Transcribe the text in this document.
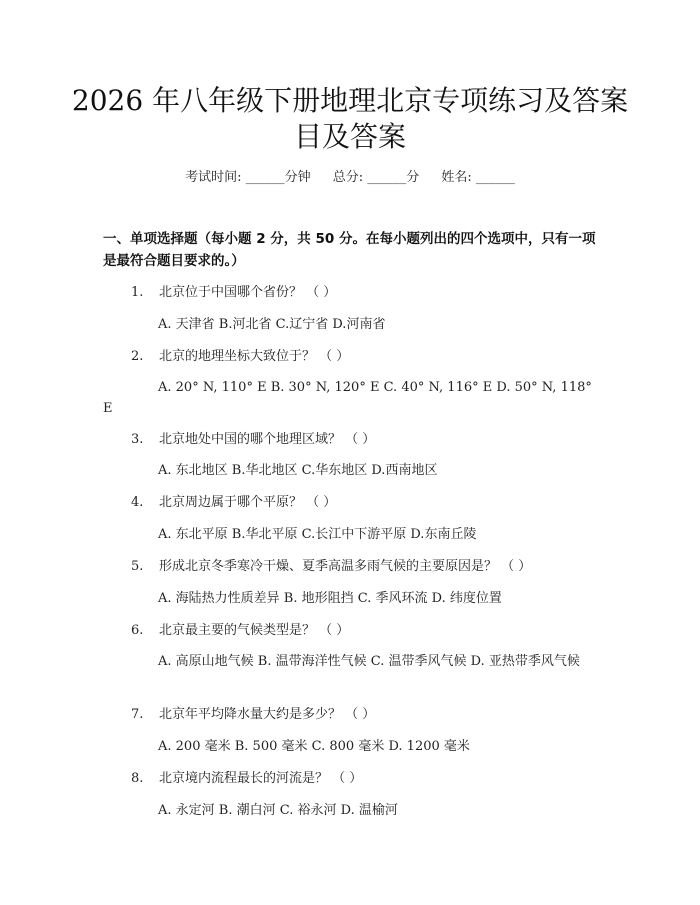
2026 年八年级下册地理北京专项练习及答案
目及答案
考试时间: ______分钟 总分: ______分 姓名: ______
一、单项选择题（每小题 2 分，共 50 分。在每小题列出的四个选项中，只有一项是最符合题目要求的。）
1. 北京位于中国哪个省份？ （ ）
A. 天津省 B.河北省 C.辽宁省 D.河南省
2. 北京的地理坐标大致位于？ （ ）
A. 20° N, 110° E B. 30° N, 120° E C. 40° N, 116° E D. 50° N, 118° E
3. 北京地处中国的哪个地理区域？ （ ）
A. 东北地区 B.华北地区 C.华东地区 D.西南地区
4. 北京周边属于哪个平原？ （ ）
A. 东北平原 B.华北平原 C.长江中下游平原 D.东南丘陵
5. 形成北京冬季寒冷干燥、夏季高温多雨气候的主要原因是？ （ ）
A. 海陆热力性质差异 B. 地形阻挡 C. 季风环流 D. 纬度位置
6. 北京最主要的气候类型是？ （ ）
A. 高原山地气候 B. 温带海洋性气候 C. 温带季风气候 D. 亚热带季风气候
7. 北京年平均降水量大约是多少？ （ ）
A. 200 毫米 B. 500 毫米 C. 800 毫米 D. 1200 毫米
8. 北京境内流程最长的河流是？ （ ）
A. 永定河 B. 潮白河 C. 裕永河 D. 温榆河
